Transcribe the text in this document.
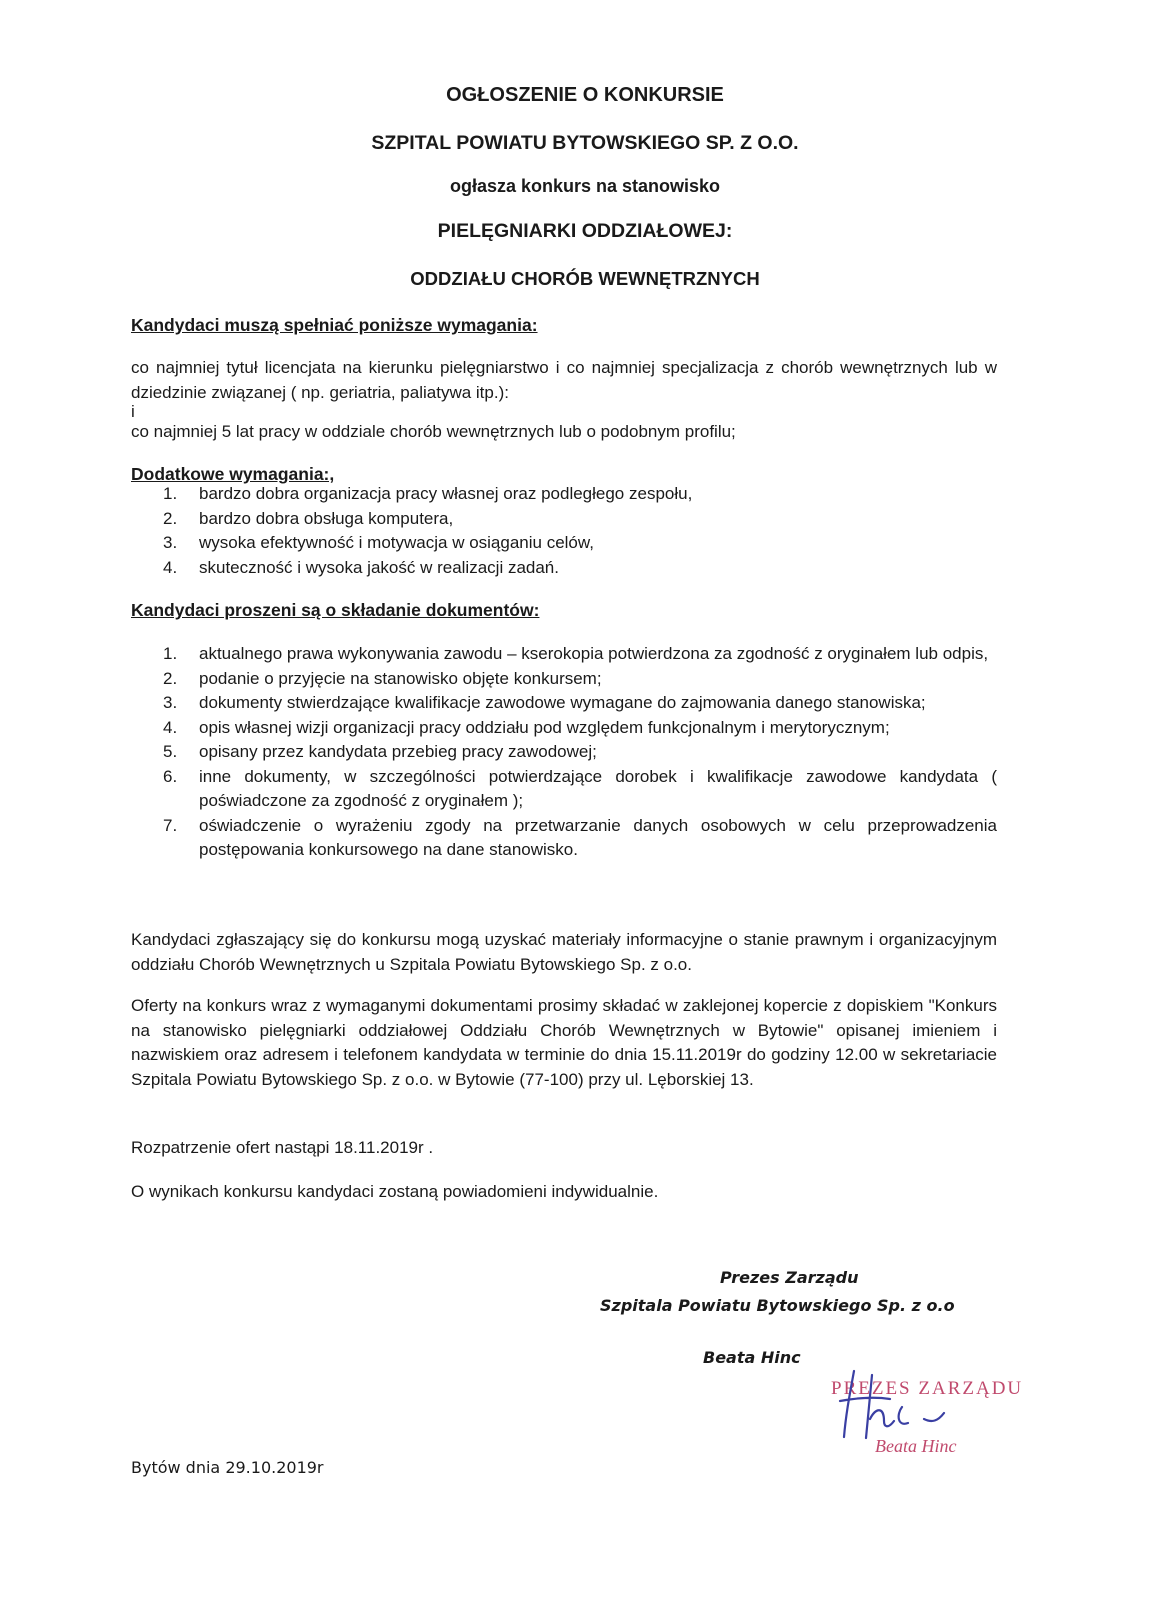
OGŁOSZENIE O KONKURSIE
SZPITAL POWIATU BYTOWSKIEGO SP. Z O.O.
ogłasza konkurs na stanowisko
PIELĘGNIARKI ODDZIAŁOWEJ:
ODDZIAŁU CHORÓB WEWNĘTRZNYCH
Kandydaci muszą spełniać poniższe wymagania:
co najmniej tytuł licencjata na kierunku pielęgniarstwo i co najmniej specjalizacja z chorób wewnętrznych lub w dziedzinie związanej ( np. geriatria, paliatywa itp.):
i
co najmniej 5 lat pracy w oddziale chorób wewnętrznych lub o podobnym profilu;
Dodatkowe wymagania:,
1. bardzo dobra organizacja pracy własnej oraz podległego zespołu,
2. bardzo dobra obsługa komputera,
3. wysoka efektywność i motywacja w osiąganiu celów,
4. skuteczność i wysoka jakość w realizacji zadań.
Kandydaci proszeni są o składanie dokumentów:
1. aktualnego prawa wykonywania zawodu – kserokopia potwierdzona za zgodność z oryginałem lub odpis,
2. podanie o przyjęcie na stanowisko objęte konkursem;
3. dokumenty stwierdzające kwalifikacje zawodowe wymagane do zajmowania danego stanowiska;
4. opis własnej wizji organizacji pracy oddziału pod względem funkcjonalnym i merytorycznym;
5. opisany przez kandydata przebieg pracy zawodowej;
6. inne dokumenty, w szczególności potwierdzające dorobek i kwalifikacje zawodowe kandydata ( poświadczone za zgodność z oryginałem );
7. oświadczenie o wyrażeniu zgody na przetwarzanie danych osobowych w celu przeprowadzenia postępowania konkursowego na dane stanowisko.
Kandydaci zgłaszający się do konkursu mogą uzyskać materiały informacyjne o stanie prawnym i organizacyjnym oddziału Chorób Wewnętrznych u Szpitala Powiatu Bytowskiego Sp. z o.o.
Oferty na konkurs wraz z wymaganymi dokumentami prosimy składać w zaklejonej kopercie z dopiskiem "Konkurs na stanowisko pielęgniarki oddziałowej Oddziału Chorób Wewnętrznych w Bytowie" opisanej imieniem i nazwiskiem oraz adresem i telefonem kandydata w terminie do dnia 15.11.2019r do godziny 12.00 w sekretariacie Szpitala Powiatu Bytowskiego Sp. z o.o. w Bytowie (77-100) przy ul. Lęborskiej 13.
Rozpatrzenie ofert nastąpi 18.11.2019r .
O wynikach konkursu kandydaci zostaną powiadomieni indywidualnie.
Prezes Zarządu
Szpitala Powiatu Bytowskiego Sp. z o.o
Beata Hinc
PREZES ZARZĄDU
Beata Hinc
Bytów dnia 29.10.2019r
